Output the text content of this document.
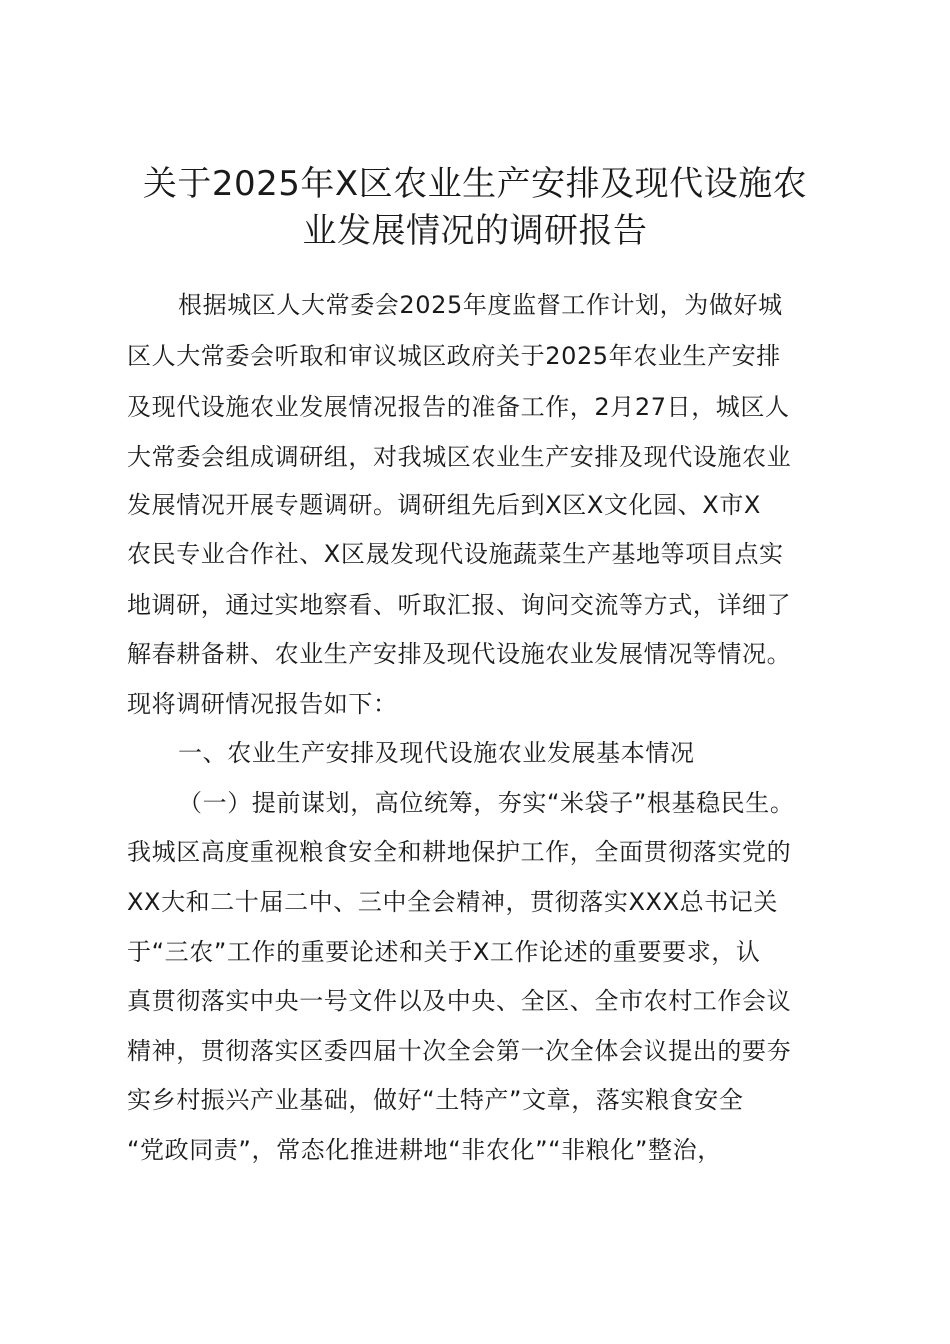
关于2025年X区农业生产安排及现代设施农
业发展情况的调研报告
根据城区人大常委会2025年度监督工作计划，为做好城
区人大常委会听取和审议城区政府关于2025年农业生产安排
及现代设施农业发展情况报告的准备工作，2月27日，城区人
大常委会组成调研组，对我城区农业生产安排及现代设施农业
发展情况开展专题调研。调研组先后到X区X文化园、X市X
农民专业合作社、X区晟发现代设施蔬菜生产基地等项目点实
地调研，通过实地察看、听取汇报、询问交流等方式，详细了
解春耕备耕、农业生产安排及现代设施农业发展情况等情况。
现将调研情况报告如下：
一、农业生产安排及现代设施农业发展基本情况
（一）提前谋划，高位统筹，夯实“米袋子”根基稳民生。
我城区高度重视粮食安全和耕地保护工作，全面贯彻落实党的
XX大和二十届二中、三中全会精神，贯彻落实XXX总书记关
于“三农”工作的重要论述和关于X工作论述的重要要求，认
真贯彻落实中央一号文件以及中央、全区、全市农村工作会议
精神，贯彻落实区委四届十次全会第一次全体会议提出的要夯
实乡村振兴产业基础，做好“土特产”文章，落实粮食安全
“党政同责”，常态化推进耕地“非农化”“非粮化”整治，
